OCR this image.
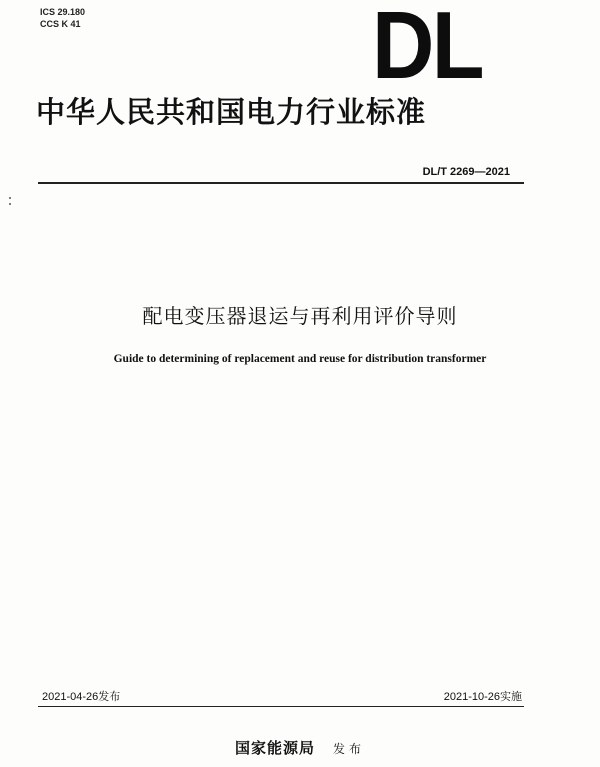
ICS 29.180
CCS K 41	DL
中华人民共和国电力行业标准
DL/T 2269—2021
配电变压器退运与再利用评价导则
Guide to determining of replacement and reuse for distribution transformer
2021-04-26发布	2021-10-26实施
国家能源局 发布
